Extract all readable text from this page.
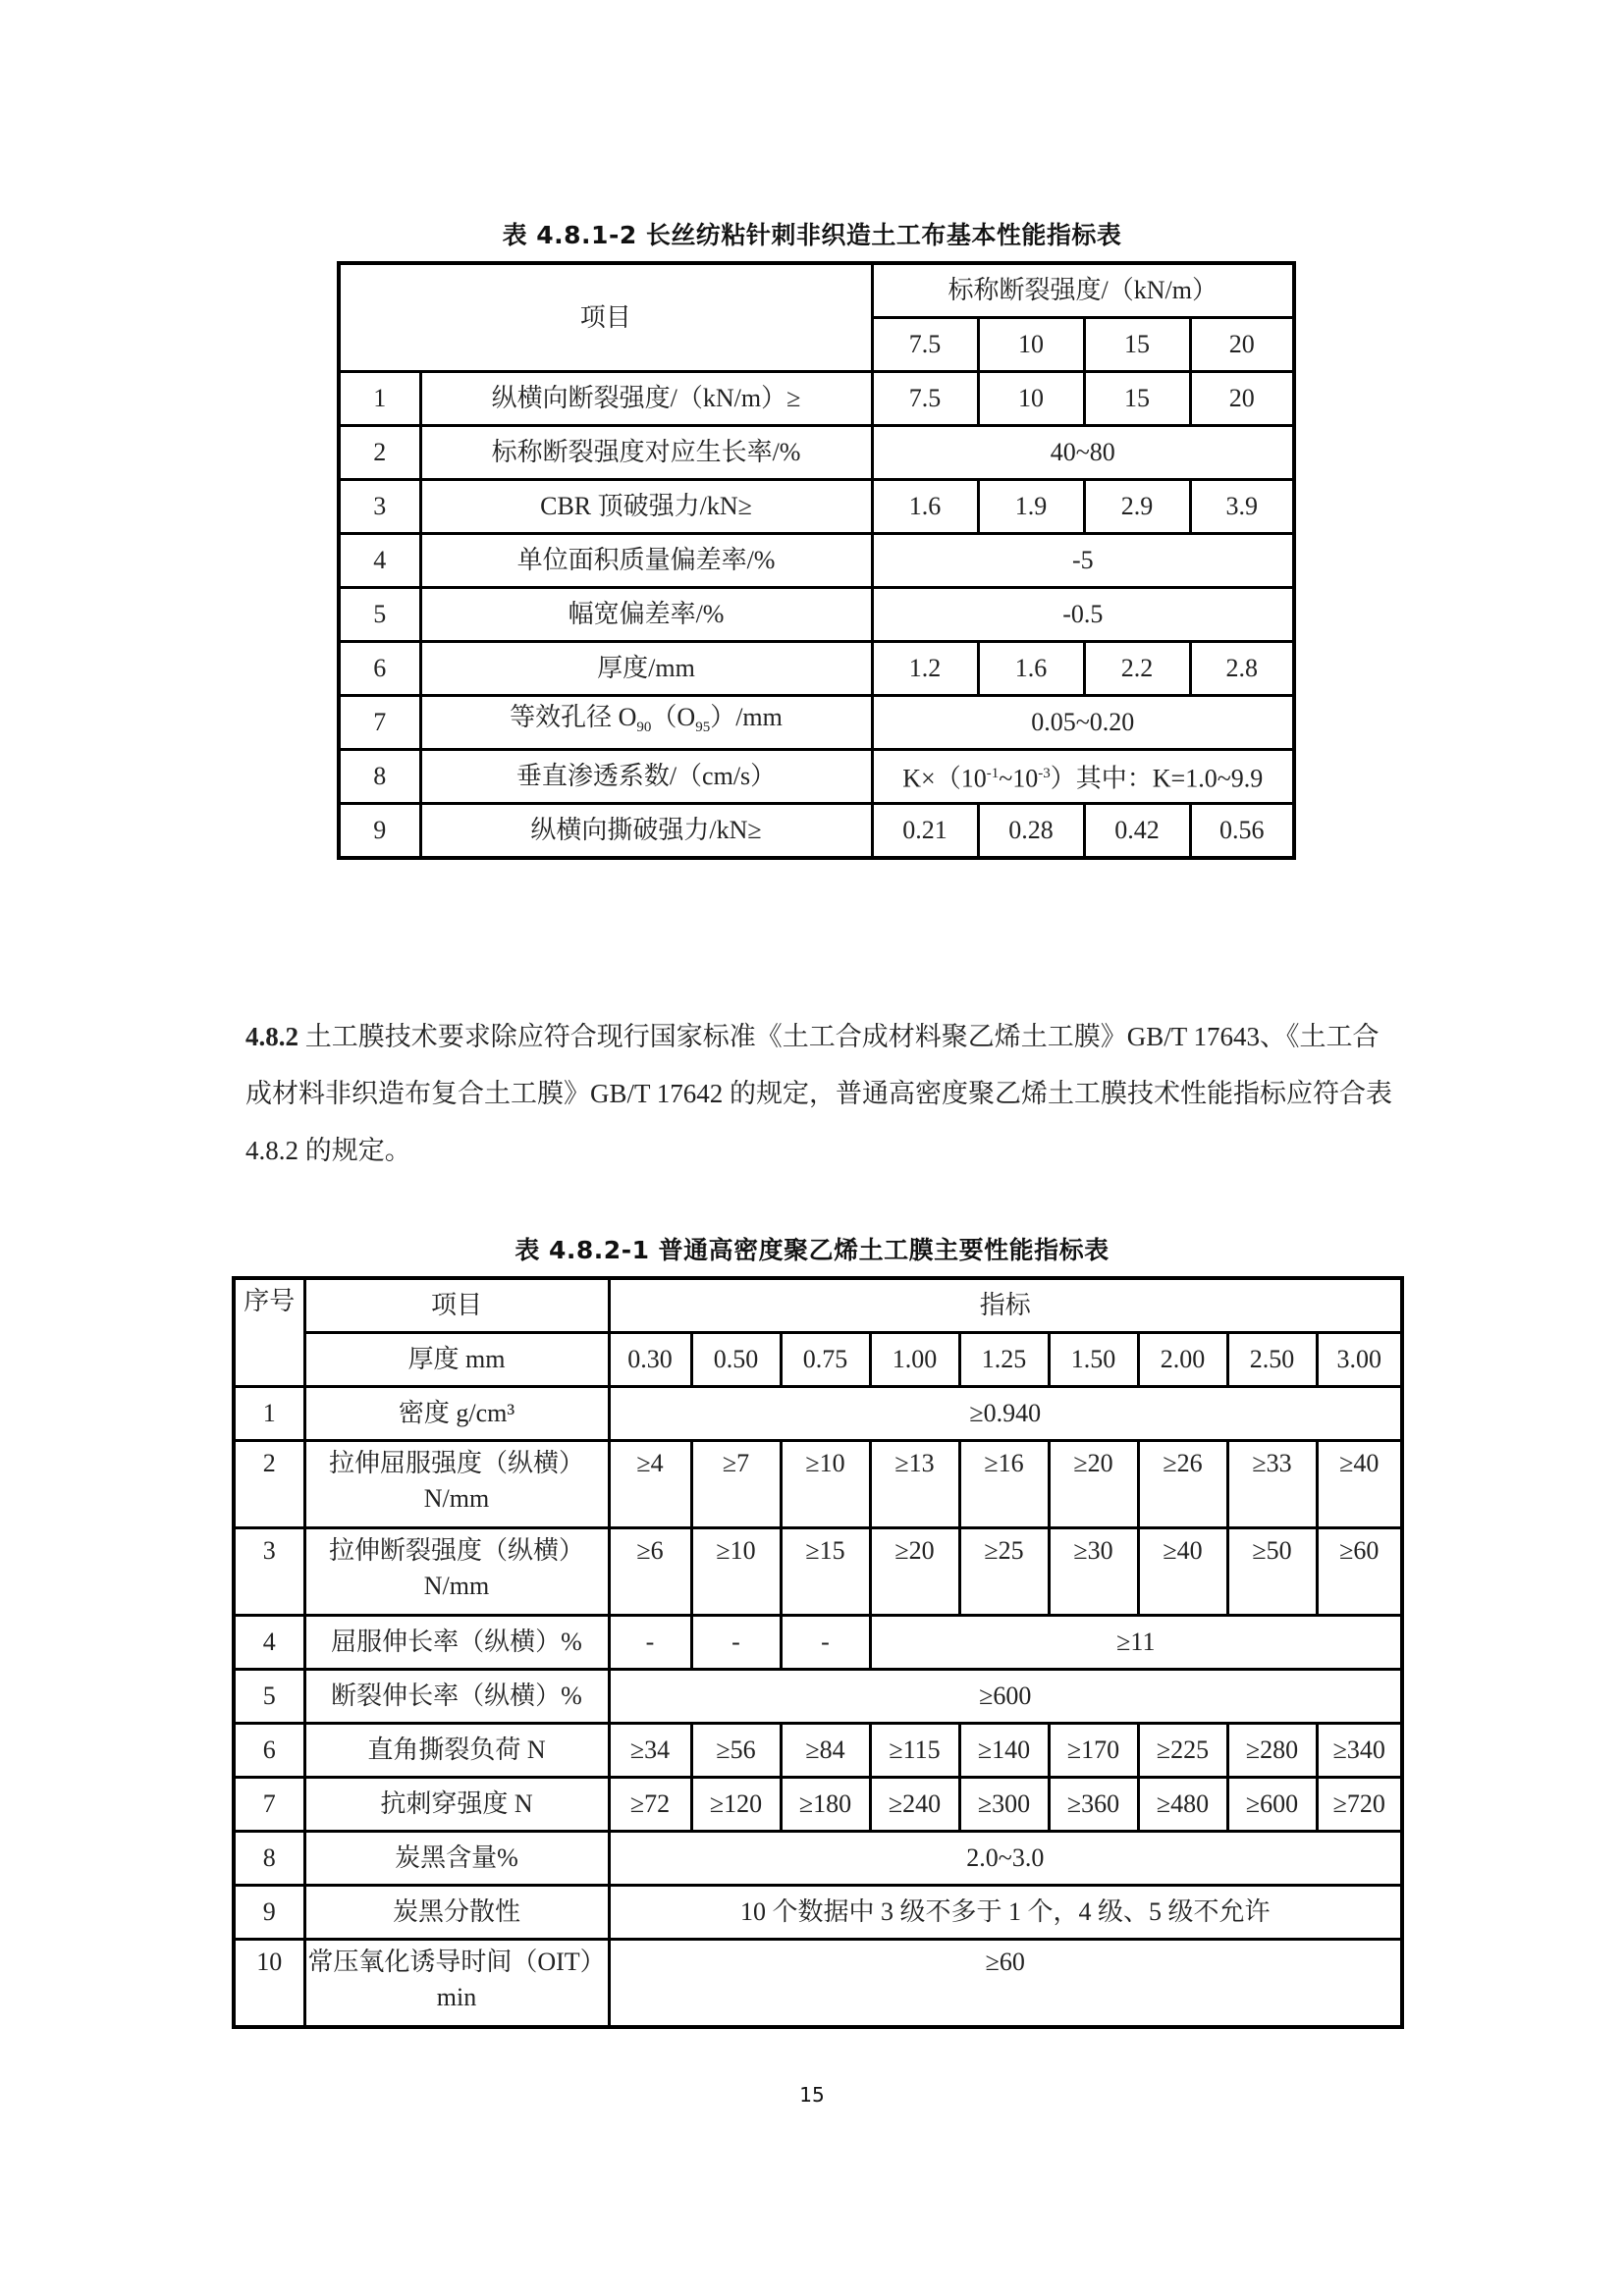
表 4.8.1-2 长丝纺粘针刺非织造土工布基本性能指标表
项目		标称断裂强度/（kN/m）			
		7.5	10	15	20
1	纵横向断裂强度/（kN/m）≥	7.5	10	15	20
2	标称断裂强度对应生长率/%	40~80			
3	CBR 顶破强力/kN≥	1.6	1.9	2.9	3.9
4	单位面积质量偏差率/%	-5			
5	幅宽偏差率/%	-0.5			
6	厚度/mm	1.2	1.6	2.2	2.8
7	等效孔径 $O_{90}(O_{95})/mm$	0.05~0.20			
8	垂直渗透系数/（cm/s）	$K\times(10^{-1}\sim 10^{-3})$其中：K=1.0~9.9			
9	纵横向撕破强力/kN≥	0.21	0.28	0.42	0.56
4.8.2 土工膜技术要求除应符合现行国家标准《土工合成材料聚乙烯土工膜》GB/T 17643、《土工合成材料非织造布复合土工膜》GB/T 17642 的规定，普通高密度聚乙烯土工膜技术性能指标应符合表 4.8.2 的规定。
表 4.8.2-1 普通高密度聚乙烯土工膜主要性能指标表
序号	项目	指标								
	厚度 mm	0.30	0.50	0.75	1.00	1.25	1.50	2.00	2.50	3.00
1	密度 g/cm³	≥0.940								
2	拉伸屈服强度（纵横）N/mm	≥4	≥7	≥10	≥13	≥16	≥20	≥26	≥33	≥40
3	拉伸断裂强度（纵横）N/mm	≥6	≥10	≥15	≥20	≥25	≥30	≥40	≥50	≥60
4	屈服伸长率（纵横）%	-	-	-	≥11					
5	断裂伸长率（纵横）%	≥600								
6	直角撕裂负荷 N	≥34	≥56	≥84	≥115	≥140	≥170	≥225	≥280	≥340
7	抗刺穿强度 N	≥72	≥120	≥180	≥240	≥300	≥360	≥480	≥600	≥720
8	炭黑含量%	2.0~3.0								
9	炭黑分散性	10 个数据中 3 级不多于 1 个，4 级、5 级不允许								
10	常压氧化诱导时间（OIT）min	≥60								
15
